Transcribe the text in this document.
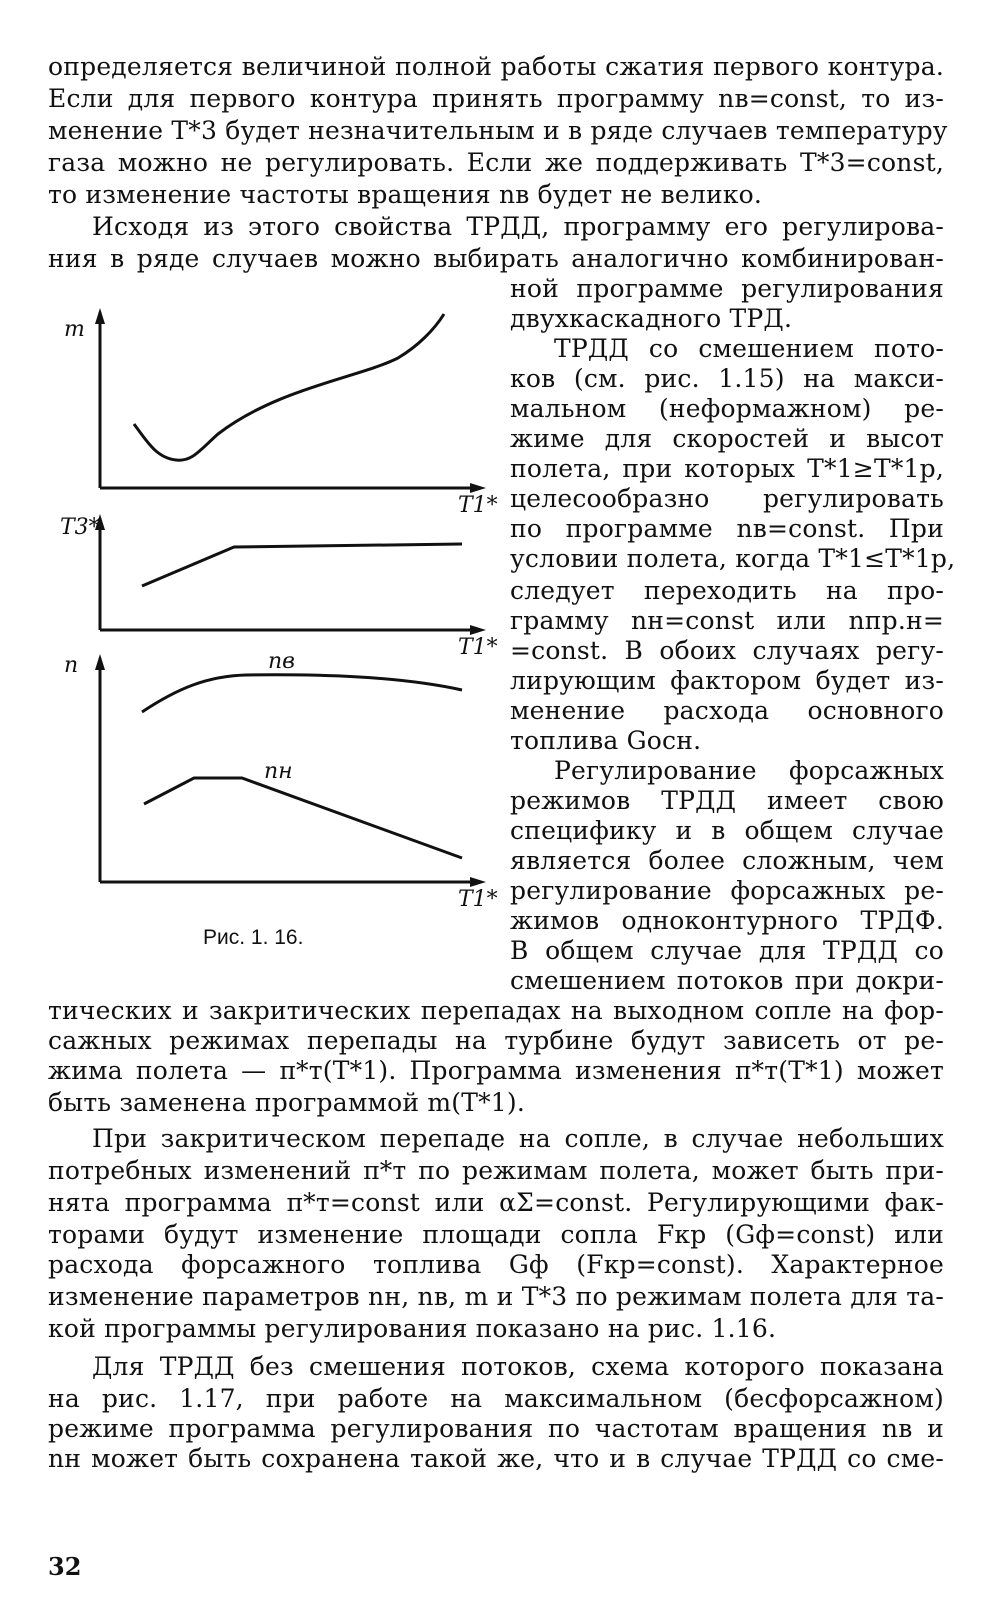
определяется величиной полной работы сжатия первого контура.
Если для первого контура принять программу nв=const, то из-
менение T*3 будет незначительным и в ряде случаев температуру
газа можно не регулировать. Если же поддерживать T*3=const,
то изменение частоты вращения nв будет не велико.
Исходя из этого свойства ТРДД, программу его регулирова-
ния в ряде случаев можно выбирать аналогично комбинирован-
ной программе регулирования
двухкаскадного ТРД.
ТРДД со смешением пото-
ков (см. рис. 1.15) на макси-
мальном (неформажном) ре-
жиме для скоростей и высот
полета, при которых T*1≥T*1р,
целесообразно регулировать
по программе nв=const. При
условии полета, когда T*1≤T*1р,
следует переходить на про-
грамму nн=const или nпр.н=
=const. В обоих случаях регу-
лирующим фактором будет из-
менение расхода основного
топлива Gосн.
Регулирование форсажных
режимов ТРДД имеет свою
специфику и в общем случае
является более сложным, чем
регулирование форсажных ре-
жимов одноконтурного ТРДФ.
В общем случае для ТРДД со
смешением потоков при докри-
m
T3*
n
T1*
T1*
T1*
nв
nн
Рис. 1. 16.
тических и закритических перепадах на выходном сопле на фор-
сажных режимах перепады на турбине будут зависеть от ре-
жима полета — π*т(T*1). Программа изменения π*т(T*1) может
быть заменена программой m(T*1).
При закритическом перепаде на сопле, в случае небольших
потребных изменений π*т по режимам полета, может быть при-
нята программа π*т=const или αΣ=const. Регулирующими фак-
торами будут изменение площади сопла Fкр (Gф=const) или
расхода форсажного топлива Gф (Fкр=const). Характерное
изменение параметров nн, nв, m и T*3 по режимам полета для та-
кой программы регулирования показано на рис. 1.16.
Для ТРДД без смешения потоков, схема которого показана
на рис. 1.17, при работе на максимальном (бесфорсажном)
режиме программа регулирования по частотам вращения nв и
nн может быть сохранена такой же, что и в случае ТРДД со сме-
32
